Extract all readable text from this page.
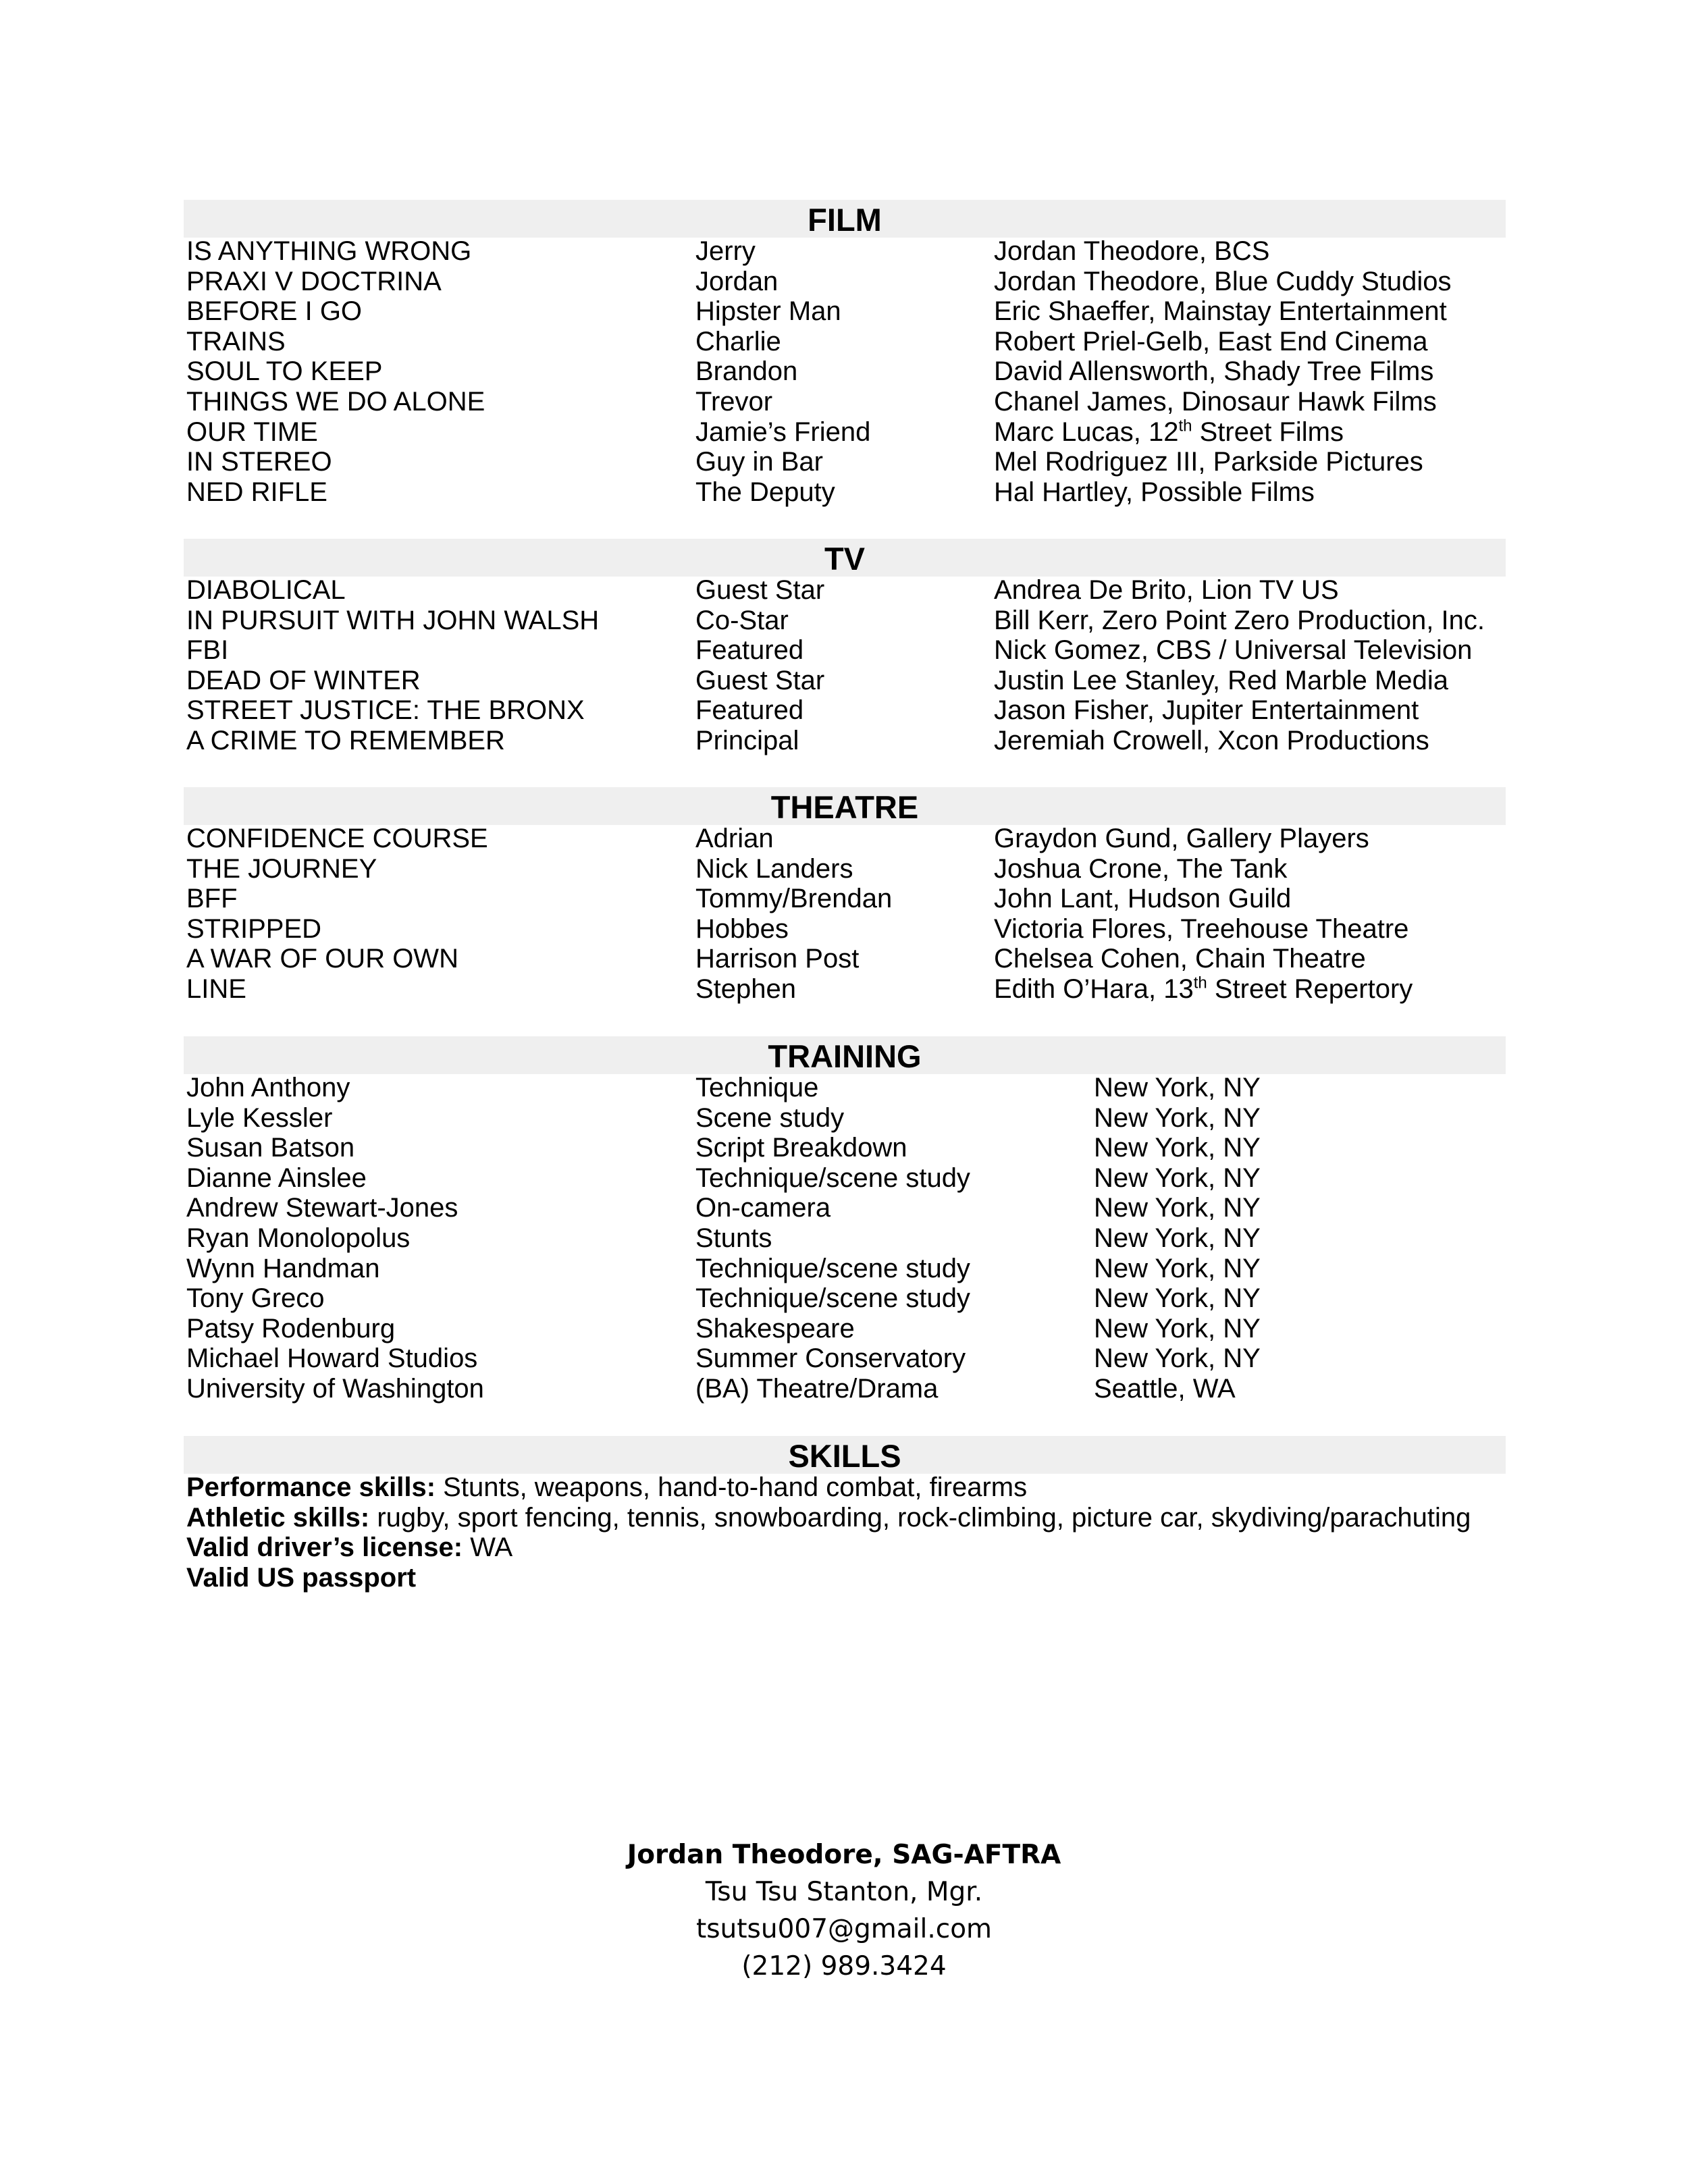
FILM
IS ANYTHING WRONG	Jerry	Jordan Theodore, BCS
PRAXI V DOCTRINA	Jordan	Jordan Theodore, Blue Cuddy Studios
BEFORE I GO	Hipster Man	Eric Shaeffer, Mainstay Entertainment
TRAINS	Charlie	Robert Priel-Gelb, East End Cinema
SOUL TO KEEP	Brandon	David Allensworth, Shady Tree Films
THINGS WE DO ALONE	Trevor	Chanel James, Dinosaur Hawk Films
OUR TIME	Jamie’s Friend	Marc Lucas, 12th Street Films
IN STEREO	Guy in Bar	Mel Rodriguez III, Parkside Pictures
NED RIFLE	The Deputy	Hal Hartley, Possible Films
TV
DIABOLICAL	Guest Star	Andrea De Brito, Lion TV US
IN PURSUIT WITH JOHN WALSH	Co-Star	Bill Kerr, Zero Point Zero Production, Inc.
FBI	Featured	Nick Gomez, CBS / Universal Television
DEAD OF WINTER	Guest Star	Justin Lee Stanley, Red Marble Media
STREET JUSTICE: THE BRONX	Featured	Jason Fisher, Jupiter Entertainment
A CRIME TO REMEMBER	Principal	Jeremiah Crowell, Xcon Productions
THEATRE
CONFIDENCE COURSE	Adrian	Graydon Gund, Gallery Players
THE JOURNEY	Nick Landers	Joshua Crone, The Tank
BFF	Tommy/Brendan	John Lant, Hudson Guild
STRIPPED	Hobbes	Victoria Flores, Treehouse Theatre
A WAR OF OUR OWN	Harrison Post	Chelsea Cohen, Chain Theatre
LINE	Stephen	Edith O’Hara, 13th Street Repertory
TRAINING
John Anthony	Technique	New York, NY
Lyle Kessler	Scene study	New York, NY
Susan Batson	Script Breakdown	New York, NY
Dianne Ainslee	Technique/scene study	New York, NY
Andrew Stewart-Jones	On-camera	New York, NY
Ryan Monolopolus	Stunts	New York, NY
Wynn Handman	Technique/scene study	New York, NY
Tony Greco	Technique/scene study	New York, NY
Patsy Rodenburg	Shakespeare	New York, NY
Michael Howard Studios	Summer Conservatory	New York, NY
University of Washington	(BA) Theatre/Drama	Seattle, WA
SKILLS
Performance skills: Stunts, weapons, hand-to-hand combat, firearms
Athletic skills: rugby, sport fencing, tennis, snowboarding, rock-climbing, picture car, skydiving/parachuting
Valid driver’s license: WA
Valid US passport
Jordan Theodore, SAG-AFTRA
Tsu Tsu Stanton, Mgr.
tsutsu007@gmail.com
(212) 989.3424
